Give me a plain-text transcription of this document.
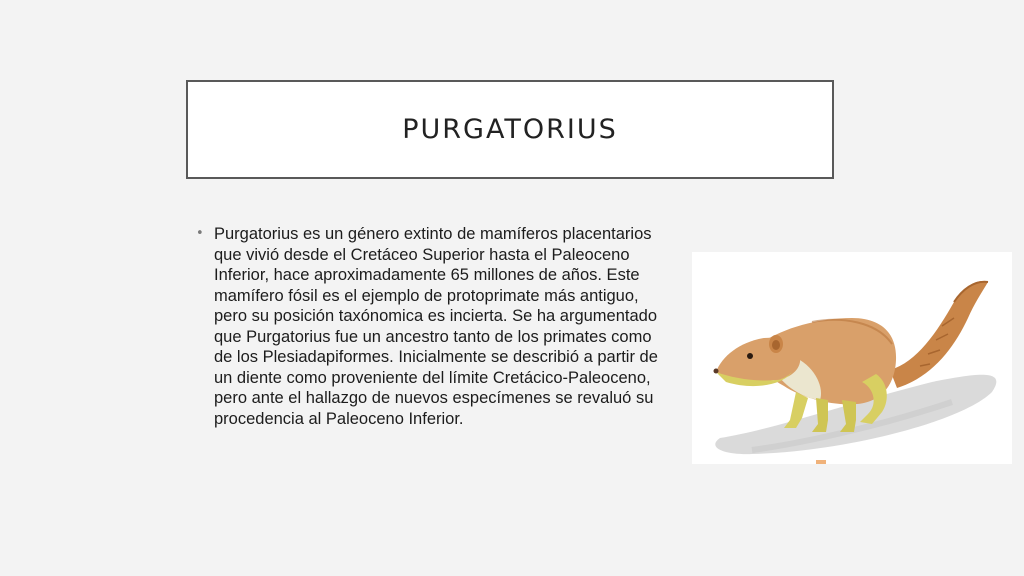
PURGATORIUS
• Purgatorius es un género extinto de mamíferos placentarios que vivió desde el Cretáceo Superior hasta el Paleoceno Inferior, hace aproximadamente 65 millones de años. Este mamífero fósil es el ejemplo de protoprimate más antiguo, pero su posición taxónomica es incierta. Se ha argumentado que Purgatorius fue un ancestro tanto de los primates como de los Plesiadapiformes. Inicialmente se describió a partir de un diente como proveniente del límite Cretácico-Paleoceno, pero ante el hallazgo de nuevos especímenes se revaluó su procedencia al Paleoceno Inferior.
